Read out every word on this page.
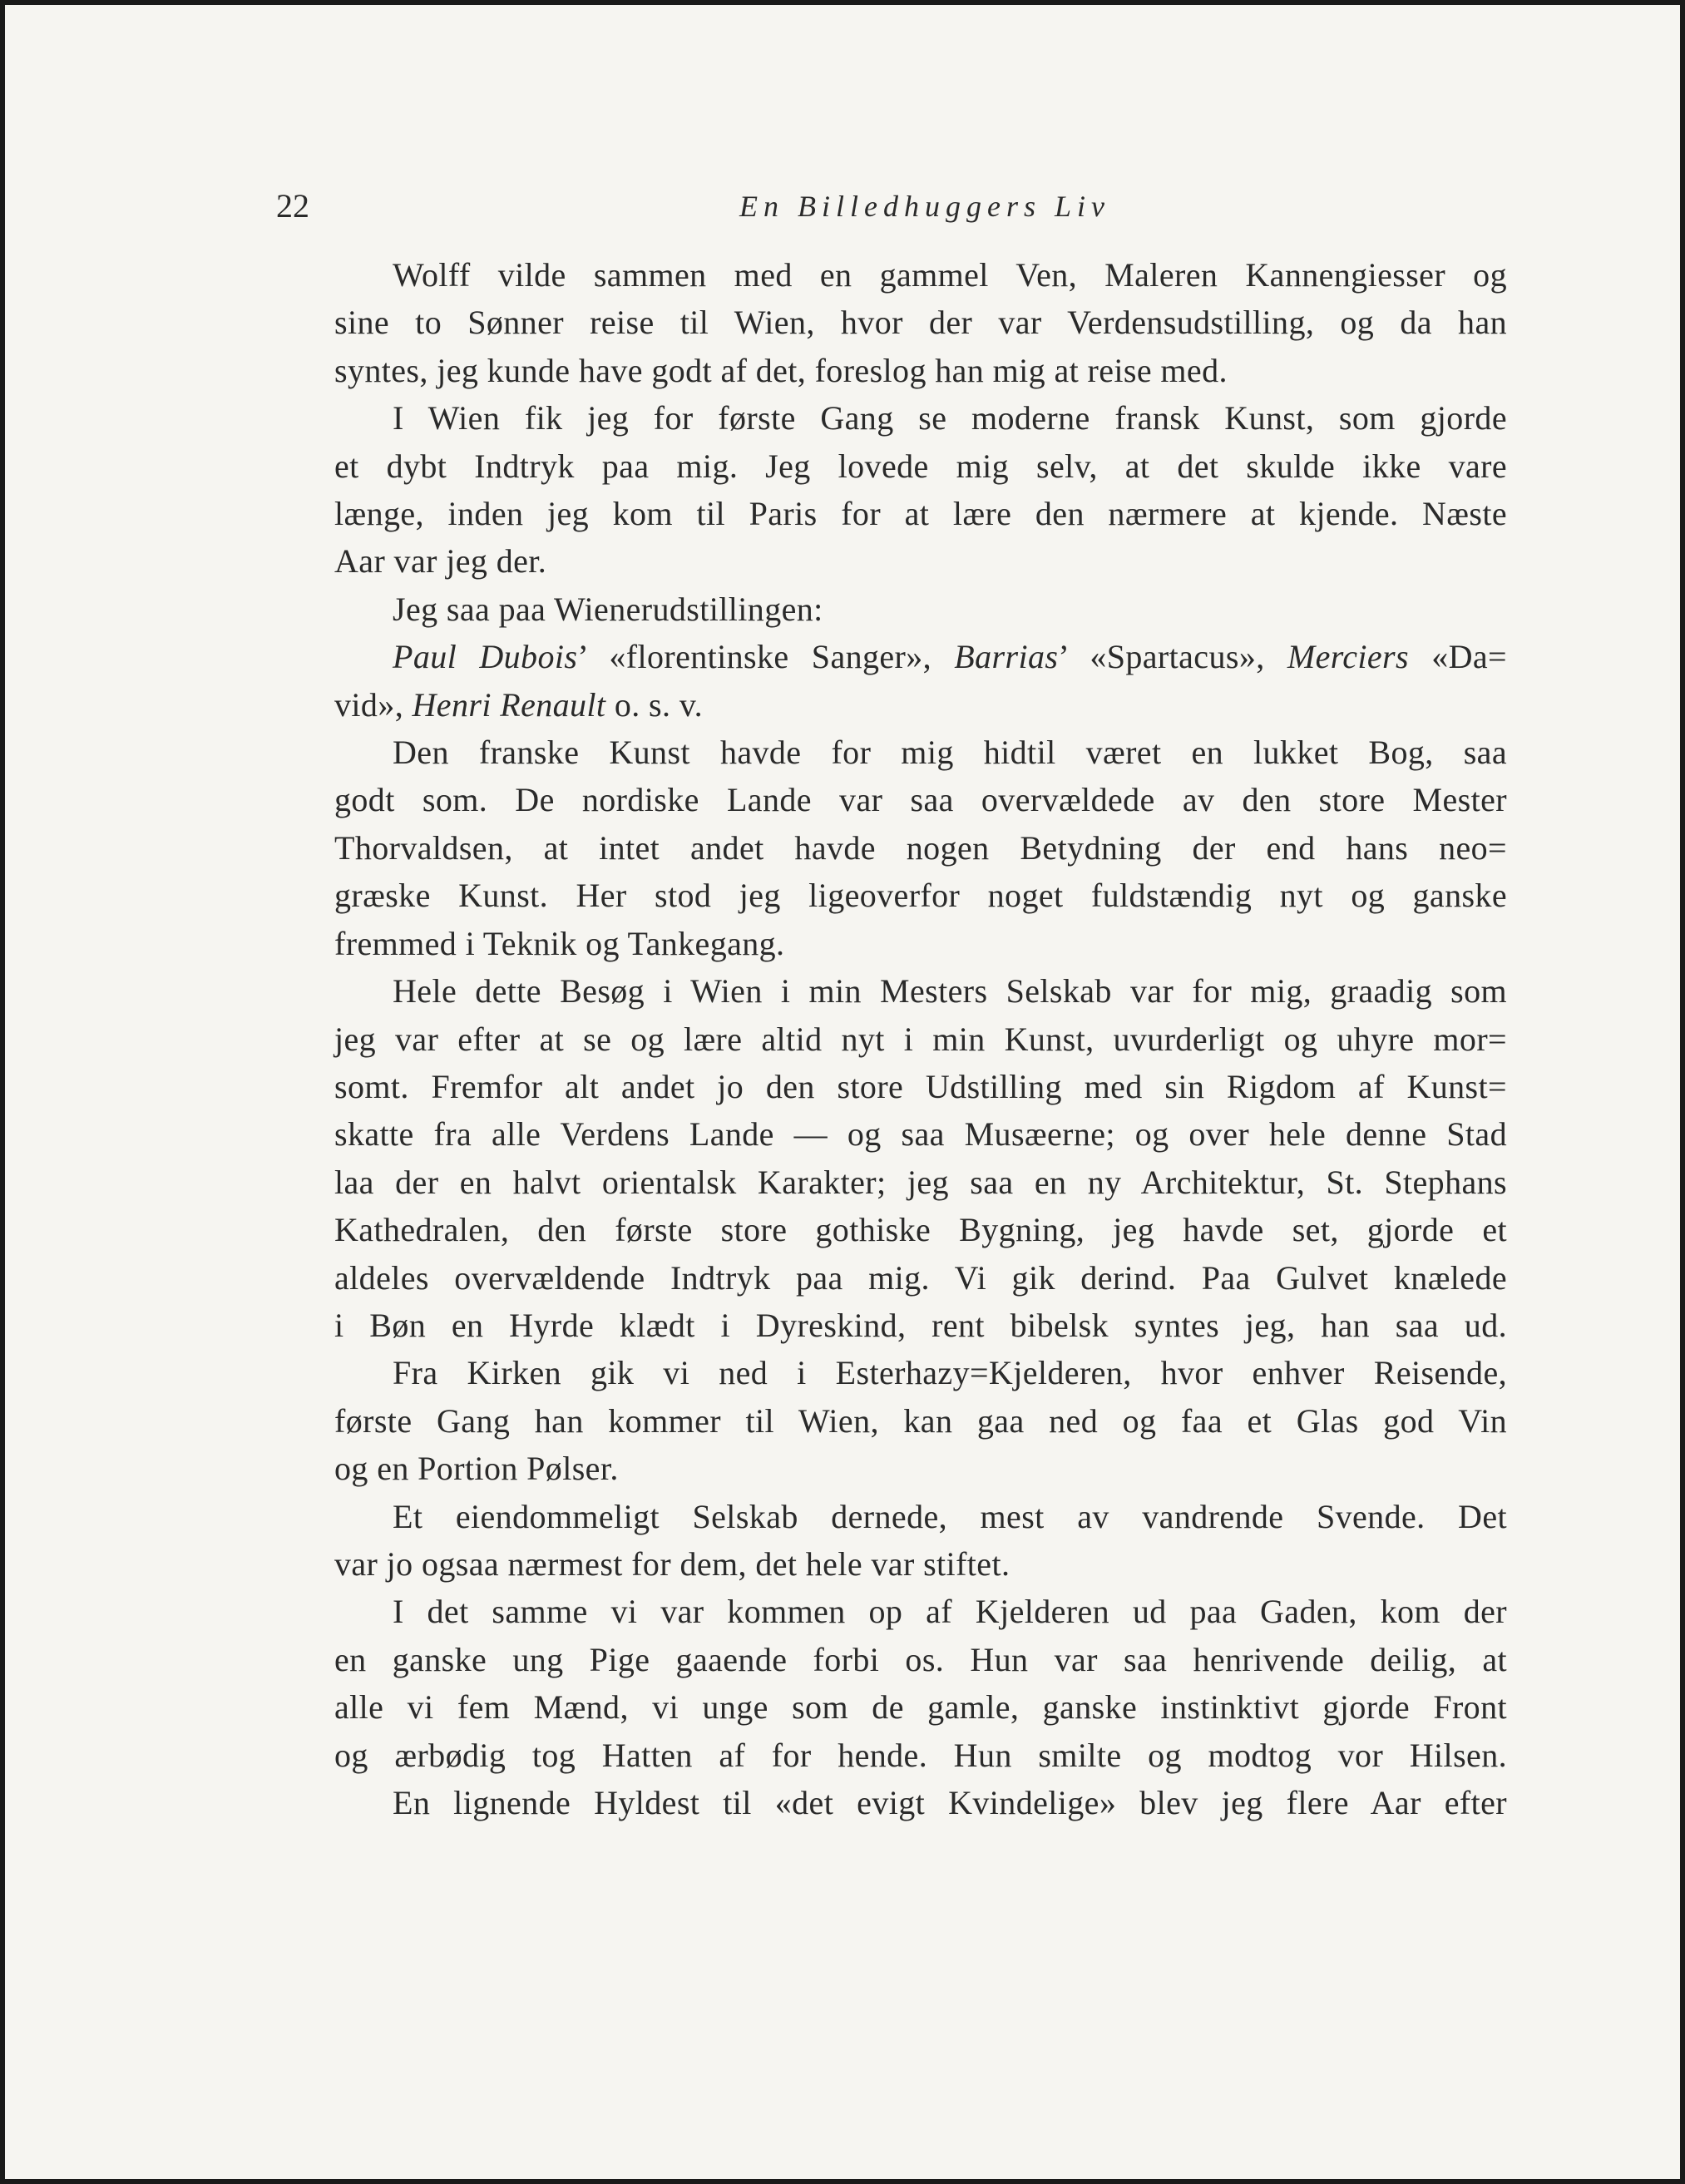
22	En Billedhuggers Liv

Wolff vilde sammen med en gammel Ven, Maleren Kannengiesser og
sine to Sønner reise til Wien, hvor der var Verdensudstilling, og da han
syntes, jeg kunde have godt af det, foreslog han mig at reise med.

I Wien fik jeg for første Gang se moderne fransk Kunst, som gjorde
et dybt Indtryk paa mig. Jeg lovede mig selv, at det skulde ikke vare
længe, inden jeg kom til Paris for at lære den nærmere at kjende. Næste
Aar var jeg der.

Jeg saa paa Wienerudstillingen:

Paul Dubois’ «florentinske Sanger», Barrias’ «Spartacus», Merciers «Da=
vid», Henri Renault o. s. v.

Den franske Kunst havde for mig hidtil været en lukket Bog, saa
godt som. De nordiske Lande var saa overvældede av den store Mester
Thorvaldsen, at intet andet havde nogen Betydning der end hans neo=
græske Kunst. Her stod jeg ligeoverfor noget fuldstændig nyt og ganske
fremmed i Teknik og Tankegang.

Hele dette Besøg i Wien i min Mesters Selskab var for mig, graadig som
jeg var efter at se og lære altid nyt i min Kunst, uvurderligt og uhyre mor=
somt. Fremfor alt andet jo den store Udstilling med sin Rigdom af Kunst=
skatte fra alle Verdens Lande — og saa Musæerne; og over hele denne Stad
laa der en halvt orientalsk Karakter; jeg saa en ny Architektur, St. Stephans
Kathedralen, den første store gothiske Bygning, jeg havde set, gjorde et
aldeles overvældende Indtryk paa mig. Vi gik derind. Paa Gulvet knælede
i Bøn en Hyrde klædt i Dyreskind, rent bibelsk syntes jeg, han saa ud.

Fra Kirken gik vi ned i Esterhazy=Kjelderen, hvor enhver Reisende,
første Gang han kommer til Wien, kan gaa ned og faa et Glas god Vin
og en Portion Pølser.

Et eiendommeligt Selskab dernede, mest av vandrende Svende. Det
var jo ogsaa nærmest for dem, det hele var stiftet.

I det samme vi var kommen op af Kjelderen ud paa Gaden, kom der
en ganske ung Pige gaaende forbi os. Hun var saa henrivende deilig, at
alle vi fem Mænd, vi unge som de gamle, ganske instinktivt gjorde Front
og ærbødig tog Hatten af for hende. Hun smilte og modtog vor Hilsen.

En lignende Hyldest til «det evigt Kvindelige» blev jeg flere Aar efter
